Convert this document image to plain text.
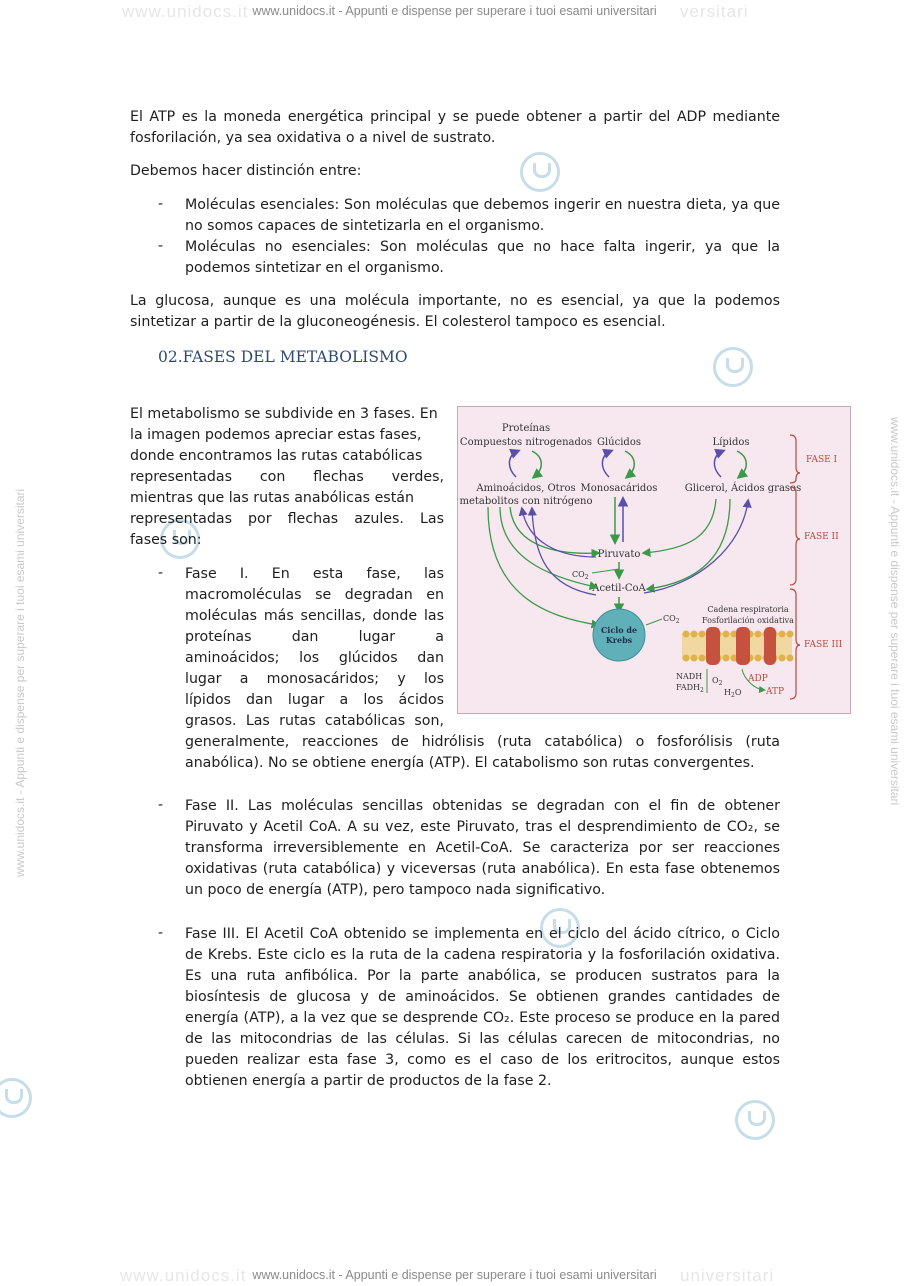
www.unidocs.it - Appunti e dispense per superare i tuoi esami universitari
www.unidocs.it - Appunti e dispense per superare i tuoi esami universitari
www.unidocs.it	versitari
www.unidocs.it	universitari
www.unidocs.it - Appunti e dispense per superare i tuoi esami universitari	www.unidocs.it - Appunti e dispense per superare i tuoi esami universitari
El ATP es la moneda energética principal y se puede obtener a partir del ADP mediante fosforilación, ya sea oxidativa o a nivel de sustrato.
Debemos hacer distinción entre:
- Moléculas esenciales: Son moléculas que debemos ingerir en nuestra dieta, ya que no somos capaces de sintetizarla en el organismo.
- Moléculas no esenciales: Son moléculas que no hace falta ingerir, ya que la podemos sintetizar en el organismo.
La glucosa, aunque es una molécula importante, no es esencial, ya que la podemos sintetizar a partir de la gluconeogénesis. El colesterol tampoco es esencial.
02.FASES DEL METABOLISMO
El metabolismo se subdivide en 3 fases. En
la imagen podemos apreciar estas fases,
donde encontramos las rutas catabólicas
representadas con flechas verdes,
mientras que las rutas anabólicas están
representadas por flechas azules. Las
fases son:
- Fase I. En esta fase, las
macromoléculas se degradan en
moléculas más sencillas, donde las
proteínas dan lugar a
aminoácidos; los glúcidos dan
lugar a monosacáridos; y los
lípidos dan lugar a los ácidos
grasos. Las rutas catabólicas son,
generalmente, reacciones de hidrólisis (ruta catabólica) o fosforólisis (ruta
anabólica). No se obtiene energía (ATP). El catabolismo son rutas convergentes.
- Fase II. Las moléculas sencillas obtenidas se degradan con el fin de obtener Piruvato y Acetil CoA. A su vez, este Piruvato, tras el desprendimiento de CO₂, se transforma irreversiblemente en Acetil-CoA. Se caracteriza por ser reacciones oxidativas (ruta catabólica) y viceversas (ruta anabólica). En esta fase obtenemos un poco de energía (ATP), pero tampoco nada significativo.
- Fase III. El Acetil CoA obtenido se implementa en el ciclo del ácido cítrico, o Ciclo de Krebs. Este ciclo es la ruta de la cadena respiratoria y la fosforilación oxidativa. Es una ruta anfibólica. Por la parte anabólica, se producen sustratos para la biosíntesis de glucosa y de aminoácidos. Se obtienen grandes cantidades de energía (ATP), a la vez que se desprende CO₂. Este proceso se produce en la pared de las mitocondrias de las células. Si las células carecen de mitocondrias, no pueden realizar esta fase 3, como es el caso de los eritrocitos, aunque estos obtienen energía a partir de productos de la fase 2.
Proteínas
Compuestos nitrogenados Glúcidos	Lípidos
Aminoácidos, Otros
metabolitos con nitrógeno
Monosacáridos	Glicerol, Ácidos grasos
Piruvato
$CO_2$
Acetil-CoA
Ciclo de
Krebs
$CO_2$
Cadena respiratoria
Fosforilación oxidativa
NADH
$FADH_2$
$O_2$
$H_2O$
ADP
ATP
FASE I
FASE II
FASE III
